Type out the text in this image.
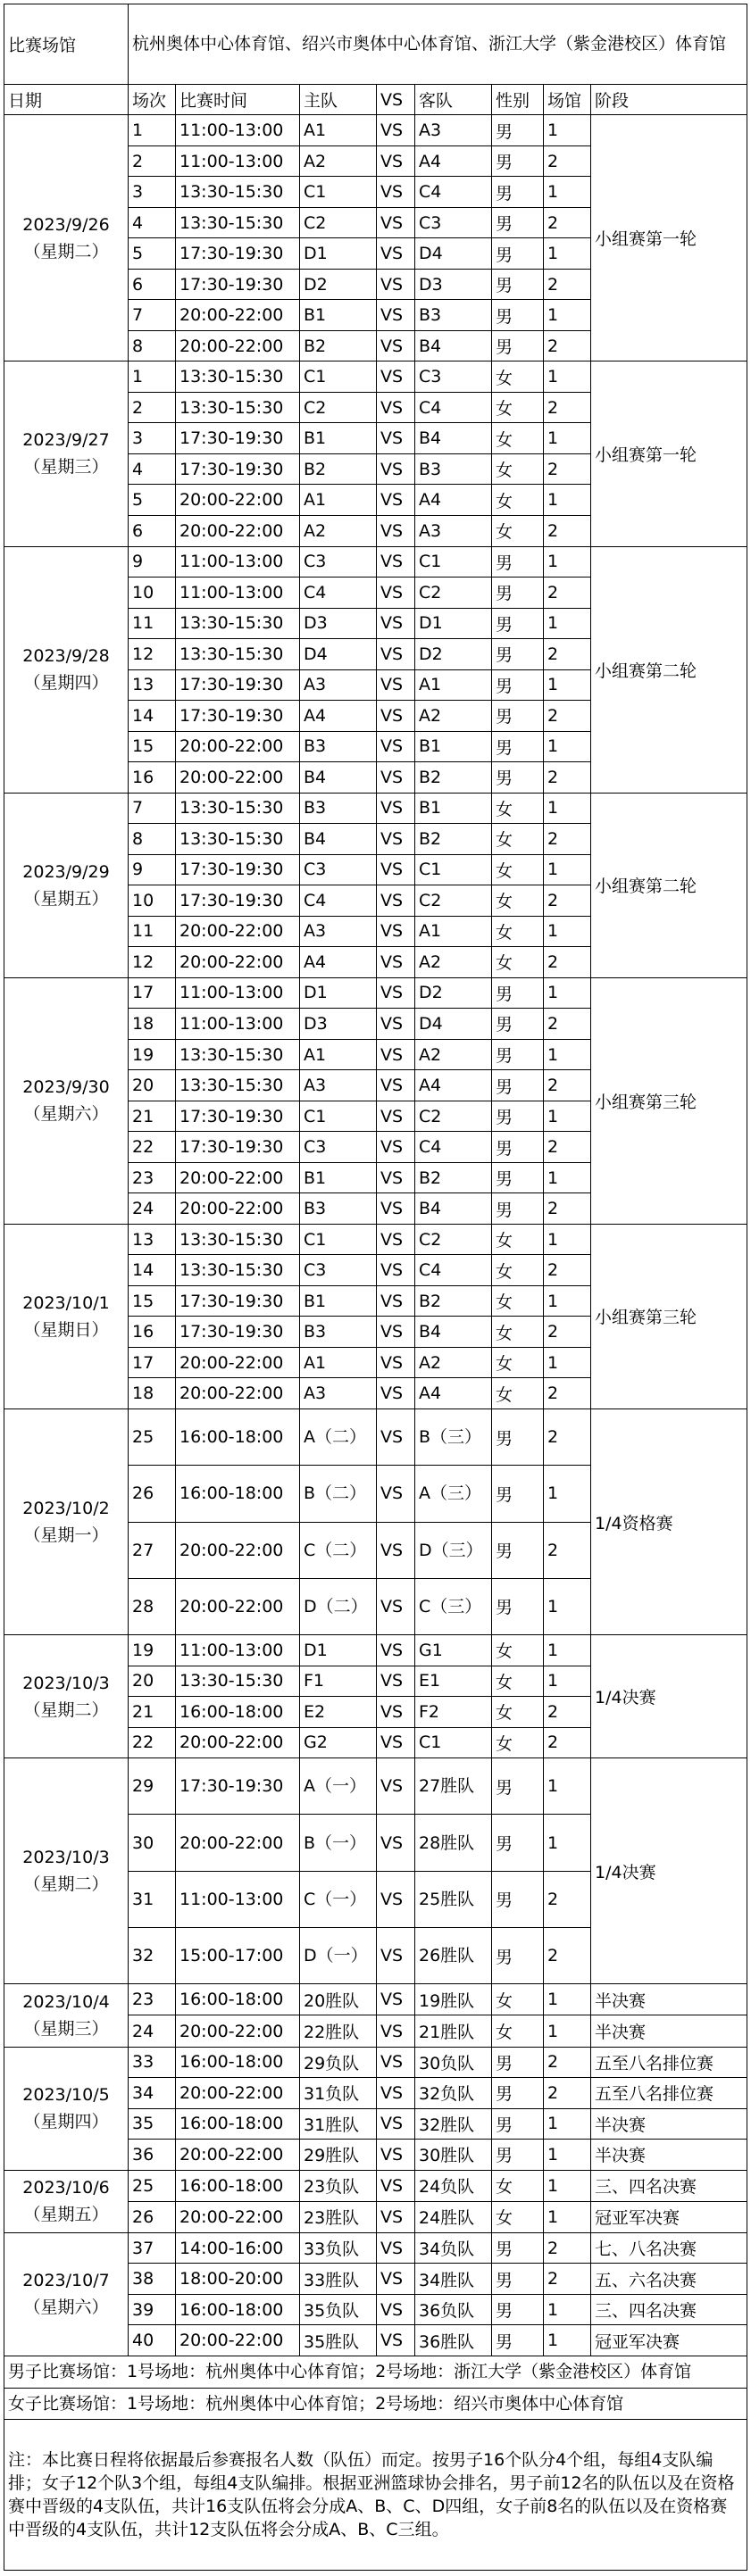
比赛场馆	杭州奥体中心体育馆、绍兴市奥体中心体育馆、浙江大学（紫金港校区）体育馆							
日期	场次	比赛时间	主队	VS	客队	性别	场馆	阶段

2023/9/26
（星期二）	1	11:00-13:00	A1	VS	A3	男	1	小组赛第一轮
	2	11:00-13:00	A2	VS	A4	男	2	
	3	13:30-15:30	C1	VS	C4	男	1	
	4	13:30-15:30	C2	VS	C3	男	2	
	5	17:30-19:30	D1	VS	D4	男	1	
	6	17:30-19:30	D2	VS	D3	男	2	
	7	20:00-22:00	B1	VS	B3	男	1	
	8	20:00-22:00	B2	VS	B4	男	2	

2023/9/27
（星期三）	1	13:30-15:30	C1	VS	C3	女	1	小组赛第一轮
	2	13:30-15:30	C2	VS	C4	女	2	
	3	17:30-19:30	B1	VS	B4	女	1	
	4	17:30-19:30	B2	VS	B3	女	2	
	5	20:00-22:00	A1	VS	A4	女	1	
	6	20:00-22:00	A2	VS	A3	女	2	

2023/9/28
（星期四）	9	11:00-13:00	C3	VS	C1	男	1	小组赛第二轮
	10	11:00-13:00	C4	VS	C2	男	2	
	11	13:30-15:30	D3	VS	D1	男	1	
	12	13:30-15:30	D4	VS	D2	男	2	
	13	17:30-19:30	A3	VS	A1	男	1	
	14	17:30-19:30	A4	VS	A2	男	2	
	15	20:00-22:00	B3	VS	B1	男	1	
	16	20:00-22:00	B4	VS	B2	男	2	

2023/9/29
（星期五）	7	13:30-15:30	B3	VS	B1	女	1	小组赛第二轮
	8	13:30-15:30	B4	VS	B2	女	2	
	9	17:30-19:30	C3	VS	C1	女	1	
	10	17:30-19:30	C4	VS	C2	女	2	
	11	20:00-22:00	A3	VS	A1	女	1	
	12	20:00-22:00	A4	VS	A2	女	2	

2023/9/30
（星期六）	17	11:00-13:00	D1	VS	D2	男	1	小组赛第三轮
	18	11:00-13:00	D3	VS	D4	男	2	
	19	13:30-15:30	A1	VS	A2	男	1	
	20	13:30-15:30	A3	VS	A4	男	2	
	21	17:30-19:30	C1	VS	C2	男	1	
	22	17:30-19:30	C3	VS	C4	男	2	
	23	20:00-22:00	B1	VS	B2	男	1	
	24	20:00-22:00	B3	VS	B4	男	2	

2023/10/1
（星期日）	13	13:30-15:30	C1	VS	C2	女	1	小组赛第三轮
	14	13:30-15:30	C3	VS	C4	女	2	
	15	17:30-19:30	B1	VS	B2	女	1	
	16	17:30-19:30	B3	VS	B4	女	2	
	17	20:00-22:00	A1	VS	A2	女	1	
	18	20:00-22:00	A3	VS	A4	女	2	

2023/10/2
（星期一）	25	16:00-18:00	A（二）	VS	B（三）	男	2	1/4资格赛
	26	16:00-18:00	B（二）	VS	A（三）	男	1	
	27	20:00-22:00	C（二）	VS	D（三）	男	2	
	28	20:00-22:00	D（二）	VS	C（三）	男	1	

2023/10/3
（星期二）	19	11:00-13:00	D1	VS	G1	女	1	1/4决赛
	20	13:30-15:30	F1	VS	E1	女	1	
	21	16:00-18:00	E2	VS	F2	女	2	
	22	20:00-22:00	G2	VS	C1	女	2	

2023/10/3
（星期二）	29	17:30-19:30	A（一）	VS	27胜队	男	1	1/4决赛
	30	20:00-22:00	B（一）	VS	28胜队	男	1	
	31	11:00-13:00	C（一）	VS	25胜队	男	2	
	32	15:00-17:00	D（一）	VS	26胜队	男	2	

2023/10/4
（星期三）	23	16:00-18:00	20胜队	VS	19胜队	女	1	半决赛
	24	20:00-22:00	22胜队	VS	21胜队	女	1	半决赛

2023/10/5
（星期四）	33	16:00-18:00	29负队	VS	30负队	男	2	五至八名排位赛
	34	20:00-22:00	31负队	VS	32负队	男	2	五至八名排位赛
	35	16:00-18:00	31胜队	VS	32胜队	男	1	半决赛
	36	20:00-22:00	29胜队	VS	30胜队	男	1	半决赛

2023/10/6
（星期五）	25	16:00-18:00	23负队	VS	24负队	女	1	三、四名决赛
	26	20:00-22:00	23胜队	VS	24胜队	女	1	冠亚军决赛

2023/10/7
（星期六）	37	14:00-16:00	33负队	VS	34负队	男	2	七、八名决赛
	38	18:00-20:00	33胜队	VS	34胜队	男	2	五、六名决赛
	39	16:00-18:00	35负队	VS	36负队	男	1	三、四名决赛
	40	20:00-22:00	35胜队	VS	36胜队	男	1	冠亚军决赛
男子比赛场馆：1号场地：杭州奥体中心体育馆；2号场地：浙江大学（紫金港校区）体育馆								
女子比赛场馆：1号场地：杭州奥体中心体育馆；2号场地：绍兴市奥体中心体育馆								
注：本比赛日程将依据最后参赛报名人数（队伍）而定。按男子16个队分4个组，每组4支队编排；女子12个队3个组，每组4支队编排。根据亚洲篮球协会排名，男子前12名的队伍以及在资格赛中晋级的4支队伍，共计16支队伍将会分成A、B、C、D四组，女子前8名的队伍以及在资格赛中晋级的4支队伍，共计12支队伍将会分成A、B、C三组。								
